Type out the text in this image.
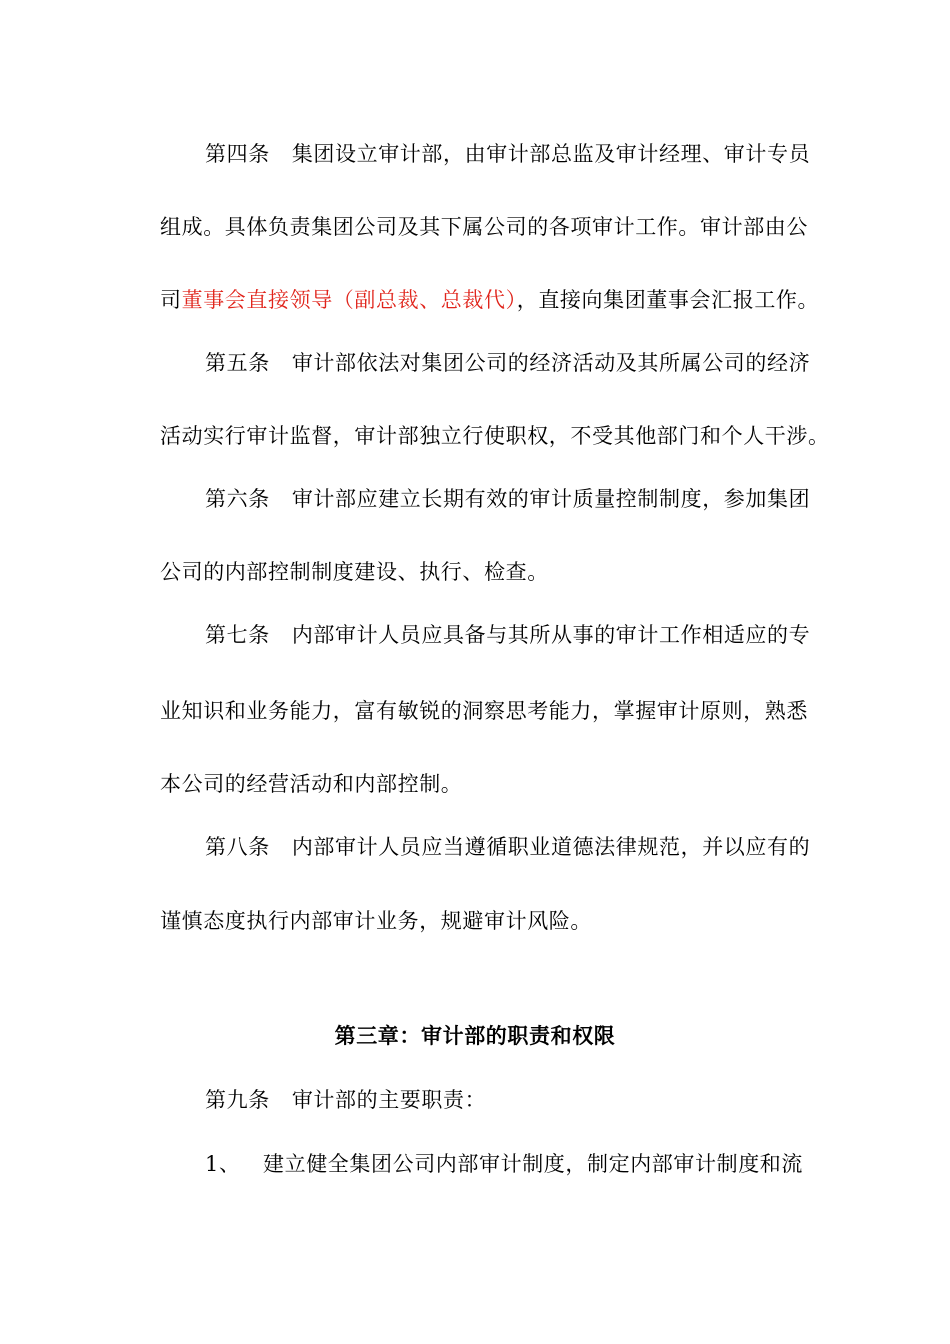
第四条 集团设立审计部，由审计部总监及审计经理、审计专员
组成。具体负责集团公司及其下属公司的各项审计工作。审计部由公
司董事会直接领导（副总裁、总裁代），直接向集团董事会汇报工作。
第五条 审计部依法对集团公司的经济活动及其所属公司的经济
活动实行审计监督，审计部独立行使职权，不受其他部门和个人干涉。
第六条 审计部应建立长期有效的审计质量控制制度，参加集团
公司的内部控制制度建设、执行、检查。
第七条 内部审计人员应具备与其所从事的审计工作相适应的专
业知识和业务能力，富有敏锐的洞察思考能力，掌握审计原则，熟悉
本公司的经营活动和内部控制。
第八条 内部审计人员应当遵循职业道德法律规范，并以应有的
谨慎态度执行内部审计业务，规避审计风险。
第三章：审计部的职责和权限
第九条 审计部的主要职责：
1、 建立健全集团公司内部审计制度，制定内部审计制度和流
